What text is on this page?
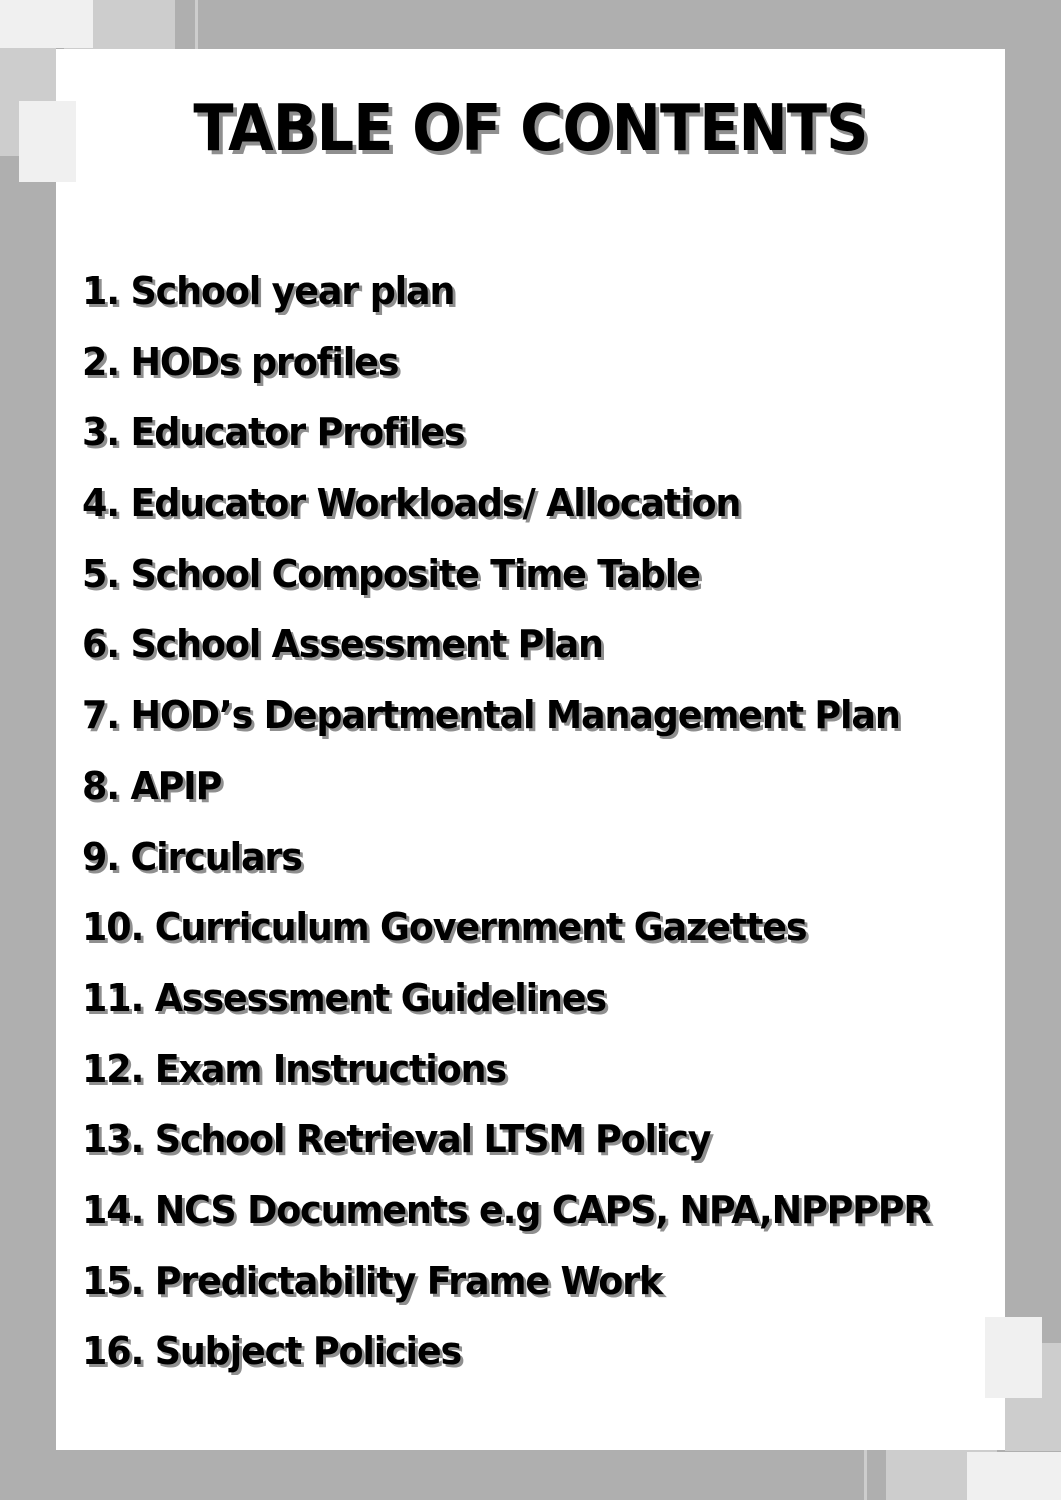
TABLE OF CONTENTS
1. School year plan
2. HODs profiles
3. Educator Profiles
4. Educator Workloads/ Allocation
5. School Composite Time Table
6. School Assessment Plan
7. HOD’s Departmental Management Plan
8. APIP
9. Circulars
10. Curriculum Government Gazettes
11. Assessment Guidelines
12. Exam Instructions
13. School Retrieval LTSM Policy
14. NCS Documents e.g CAPS, NPA,NPPPPR
15. Predictability Frame Work
16. Subject Policies
